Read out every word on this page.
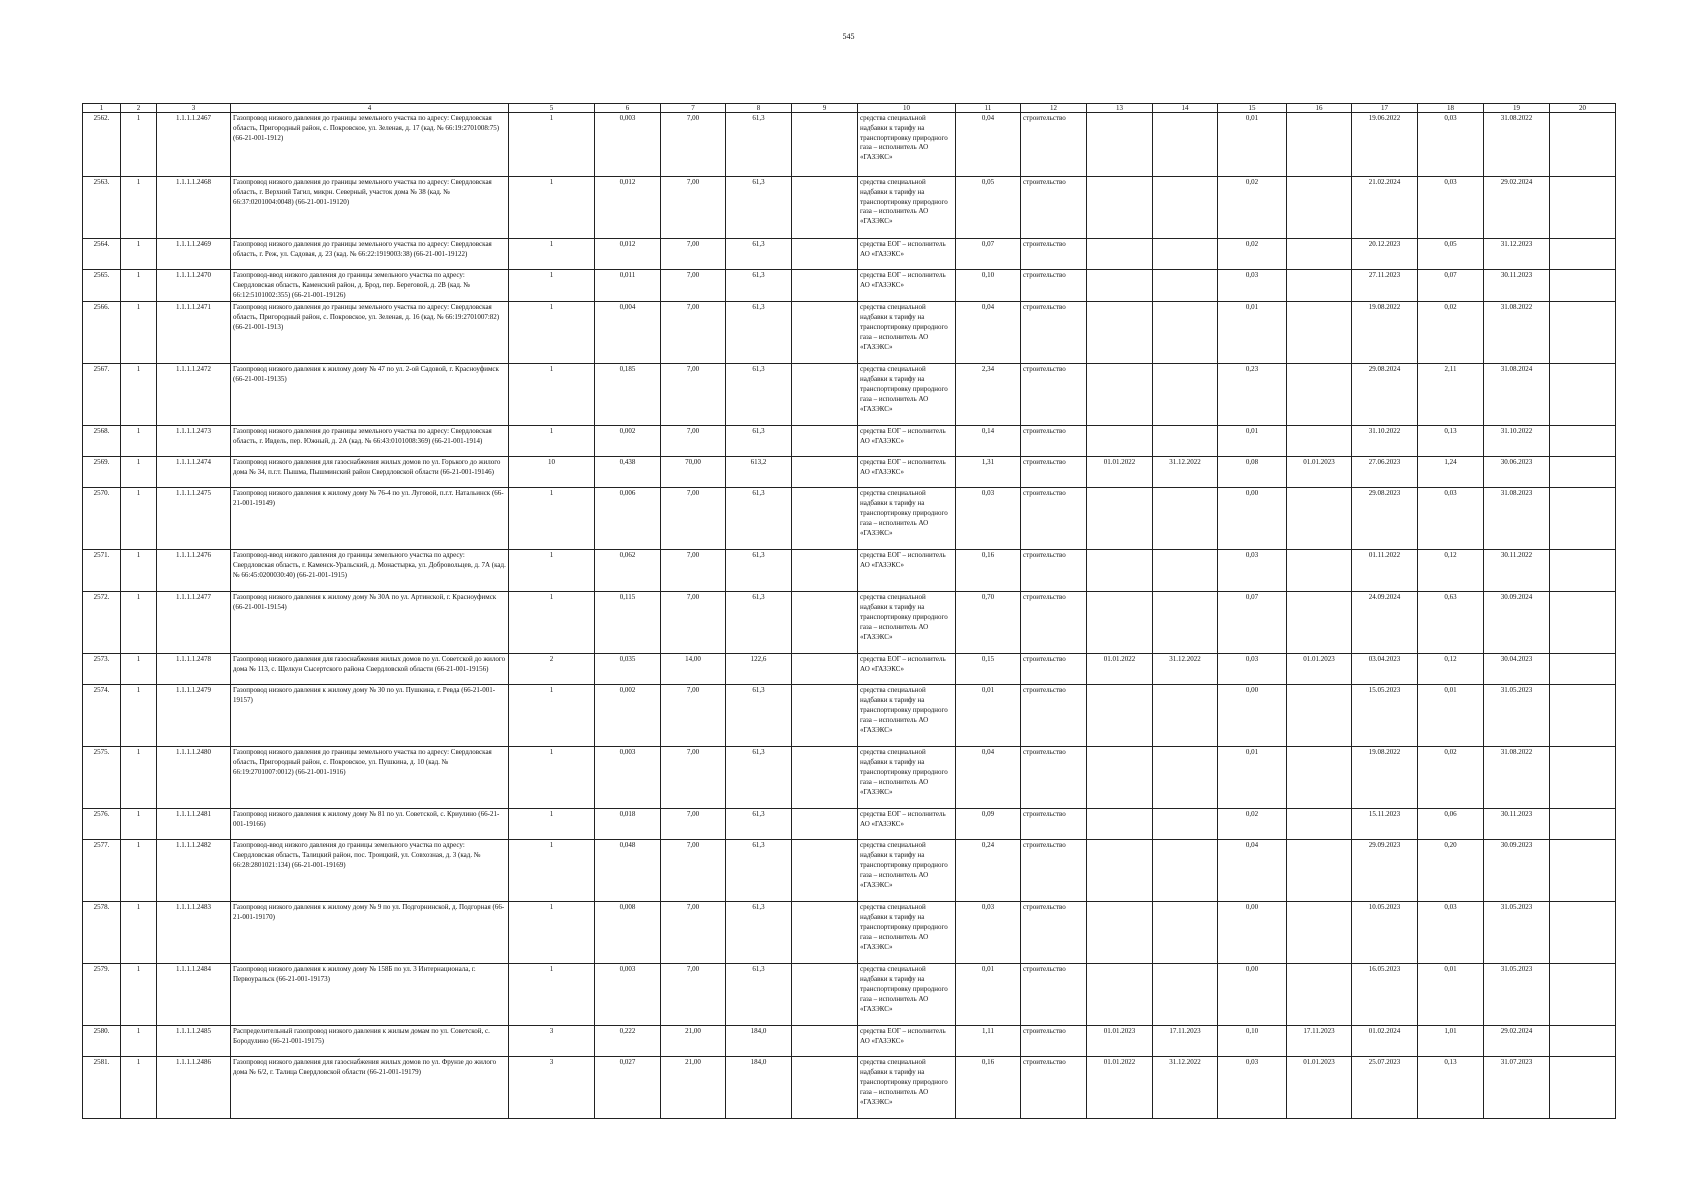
545
1	2	3	4	5	6	7	8	9	10	11	12	13	14	15	16	17	18	19	20
2562.	1	1.1.1.1.2467	Газопровод низкого давления до границы земельного участка по адресу: Свердловская область, Пригородный район, с. Покровское, ул. Зеленая, д. 17 (кад. № 66:19:2701008:75) (66-21-001-1912)	1	0,003	7,00	61,3		средства специальной надбавки к тарифу на транспортировку природного газа – исполнитель АО «ГАЗЭКС»	0,04	строительство			0,01		19.06.2022	0,03	31.08.2022	
2563.	1	1.1.1.1.2468	Газопровод низкого давления до границы земельного участка по адресу: Свердловская область, г. Верхний Тагил, микрн. Северный, участок дома № 38 (кад. № 66:37:0201004:0048) (66-21-001-19120)	1	0,012	7,00	61,3		средства специальной надбавки к тарифу на транспортировку природного газа – исполнитель АО «ГАЗЭКС»	0,05	строительство			0,02		21.02.2024	0,03	29.02.2024	
2564.	1	1.1.1.1.2469	Газопровод низкого давления до границы земельного участка по адресу: Свердловская область, г. Реж, ул. Садовая, д. 23 (кад. № 66:22:1919003:38) (66-21-001-19122)	1	0,012	7,00	61,3		средства ЕОГ – исполнитель АО «ГАЗЭКС»	0,07	строительство			0,02		20.12.2023	0,05	31.12.2023	
2565.	1	1.1.1.1.2470	Газопровод-ввод низкого давления до границы земельного участка по адресу: Свердловская область, Каменский район, д. Брод, пер. Береговой, д. 2В (кад. № 66:12:5101002:355) (66-21-001-19126)	1	0,011	7,00	61,3		средства ЕОГ – исполнитель АО «ГАЗЭКС»	0,10	строительство			0,03		27.11.2023	0,07	30.11.2023	
2566.	1	1.1.1.1.2471	Газопровод низкого давления до границы земельного участка по адресу: Свердловская область, Пригородный район, с. Покровское, ул. Зеленая, д. 16 (кад. № 66:19:2701007:82) (66-21-001-1913)	1	0,004	7,00	61,3		средства специальной надбавки к тарифу на транспортировку природного газа – исполнитель АО «ГАЗЭКС»	0,04	строительство			0,01		19.08.2022	0,02	31.08.2022	
2567.	1	1.1.1.1.2472	Газопровод низкого давления к жилому дому № 47 по ул. 2-ой Садовой, г. Красноуфимск (66-21-001-19135)	1	0,185	7,00	61,3		средства специальной надбавки к тарифу на транспортировку природного газа – исполнитель АО «ГАЗЭКС»	2,34	строительство			0,23		29.08.2024	2,11	31.08.2024	
2568.	1	1.1.1.1.2473	Газопровод низкого давления до границы земельного участка по адресу: Свердловская область, г. Ивдель, пер. Южный, д. 2А (кад. № 66:43:0101008:369) (66-21-001-1914)	1	0,002	7,00	61,3		средства ЕОГ – исполнитель АО «ГАЗЭКС»	0,14	строительство			0,01		31.10.2022	0,13	31.10.2022	
2569.	1	1.1.1.1.2474	Газопровод низкого давления для газоснабжения жилых домов по ул. Горького до жилого дома № 34, п.г.т. Пышма, Пышминский район Свердловской области (66-21-001-19146)	10	0,438	70,00	613,2		средства ЕОГ – исполнитель АО «ГАЗЭКС»	1,31	строительство	01.01.2022	31.12.2022	0,08	01.01.2023	27.06.2023	1,24	30.06.2023	
2570.	1	1.1.1.1.2475	Газопровод низкого давления к жилому дому № 76-4 по ул. Луговой, п.г.т. Натальинск (66-21-001-19149)	1	0,006	7,00	61,3		средства специальной надбавки к тарифу на транспортировку природного газа – исполнитель АО «ГАЗЭКС»	0,03	строительство			0,00		29.08.2023	0,03	31.08.2023	
2571.	1	1.1.1.1.2476	Газопровод-ввод низкого давления до границы земельного участка по адресу: Свердловская область, г. Каменск-Уральский, д. Монастырка, ул. Добровольцев, д. 7А (кад. № 66:45:0200030:40) (66-21-001-1915)	1	0,062	7,00	61,3		средства ЕОГ – исполнитель АО «ГАЗЭКС»	0,16	строительство			0,03		01.11.2022	0,12	30.11.2022	
2572.	1	1.1.1.1.2477	Газопровод низкого давления к жилому дому № 30А по ул. Артинской, г. Красноуфимск (66-21-001-19154)	1	0,115	7,00	61,3		средства специальной надбавки к тарифу на транспортировку природного газа – исполнитель АО «ГАЗЭКС»	0,70	строительство			0,07		24.09.2024	0,63	30.09.2024	
2573.	1	1.1.1.1.2478	Газопровод низкого давления для газоснабжения жилых домов по ул. Советской до жилого дома № 113, с. Щелкун Сысертского района Свердловской области (66-21-001-19156)	2	0,035	14,00	122,6		средства ЕОГ – исполнитель АО «ГАЗЭКС»	0,15	строительство	01.01.2022	31.12.2022	0,03	01.01.2023	03.04.2023	0,12	30.04.2023	
2574.	1	1.1.1.1.2479	Газопровод низкого давления к жилому дому № 30 по ул. Пушкина, г. Ревда (66-21-001-19157)	1	0,002	7,00	61,3		средства специальной надбавки к тарифу на транспортировку природного газа – исполнитель АО «ГАЗЭКС»	0,01	строительство			0,00		15.05.2023	0,01	31.05.2023	
2575.	1	1.1.1.1.2480	Газопровод низкого давления до границы земельного участка по адресу: Свердловская область, Пригородный район, с. Покровское, ул. Пушкина, д. 10 (кад. № 66:19:2701007:0012) (66-21-001-1916)	1	0,003	7,00	61,3		средства специальной надбавки к тарифу на транспортировку природного газа – исполнитель АО «ГАЗЭКС»	0,04	строительство			0,01		19.08.2022	0,02	31.08.2022	
2576.	1	1.1.1.1.2481	Газопровод низкого давления к жилому дому № 81 по ул. Советской, с. Криулино (66-21-001-19166)	1	0,018	7,00	61,3		средства ЕОГ – исполнитель АО «ГАЗЭКС»	0,09	строительство			0,02		15.11.2023	0,06	30.11.2023	
2577.	1	1.1.1.1.2482	Газопровод-ввод низкого давления до границы земельного участка по адресу: Свердловская область, Талицкий район, пос. Троицкий, ул. Совхозная, д. 3 (кад. № 66:28:2801021:134) (66-21-001-19169)	1	0,048	7,00	61,3		средства специальной надбавки к тарифу на транспортировку природного газа – исполнитель АО «ГАЗЭКС»	0,24	строительство			0,04		29.09.2023	0,20	30.09.2023	
2578.	1	1.1.1.1.2483	Газопровод низкого давления к жилому дому № 9 по ул. Подгорнинской, д. Подгорная (66-21-001-19170)	1	0,008	7,00	61,3		средства специальной надбавки к тарифу на транспортировку природного газа – исполнитель АО «ГАЗЭКС»	0,03	строительство			0,00		10.05.2023	0,03	31.05.2023	
2579.	1	1.1.1.1.2484	Газопровод низкого давления к жилому дому № 158Б по ул. 3 Интернационала, г. Первоуральск (66-21-001-19173)	1	0,003	7,00	61,3		средства специальной надбавки к тарифу на транспортировку природного газа – исполнитель АО «ГАЗЭКС»	0,01	строительство			0,00		16.05.2023	0,01	31.05.2023	
2580.	1	1.1.1.1.2485	Распределительный газопровод низкого давления к жилым домам по ул. Советской, с. Бородулино (66-21-001-19175)	3	0,222	21,00	184,0		средства ЕОГ – исполнитель АО «ГАЗЭКС»	1,11	строительство	01.01.2023	17.11.2023	0,10	17.11.2023	01.02.2024	1,01	29.02.2024	
2581.	1	1.1.1.1.2486	Газопровод низкого давления для газоснабжения жилых домов по ул. Фрунзе до жилого дома № 6/2, г. Талица Свердловской области (66-21-001-19179)	3	0,027	21,00	184,0		средства специальной надбавки к тарифу на транспортировку природного газа – исполнитель АО «ГАЗЭКС»	0,16	строительство	01.01.2022	31.12.2022	0,03	01.01.2023	25.07.2023	0,13	31.07.2023	
